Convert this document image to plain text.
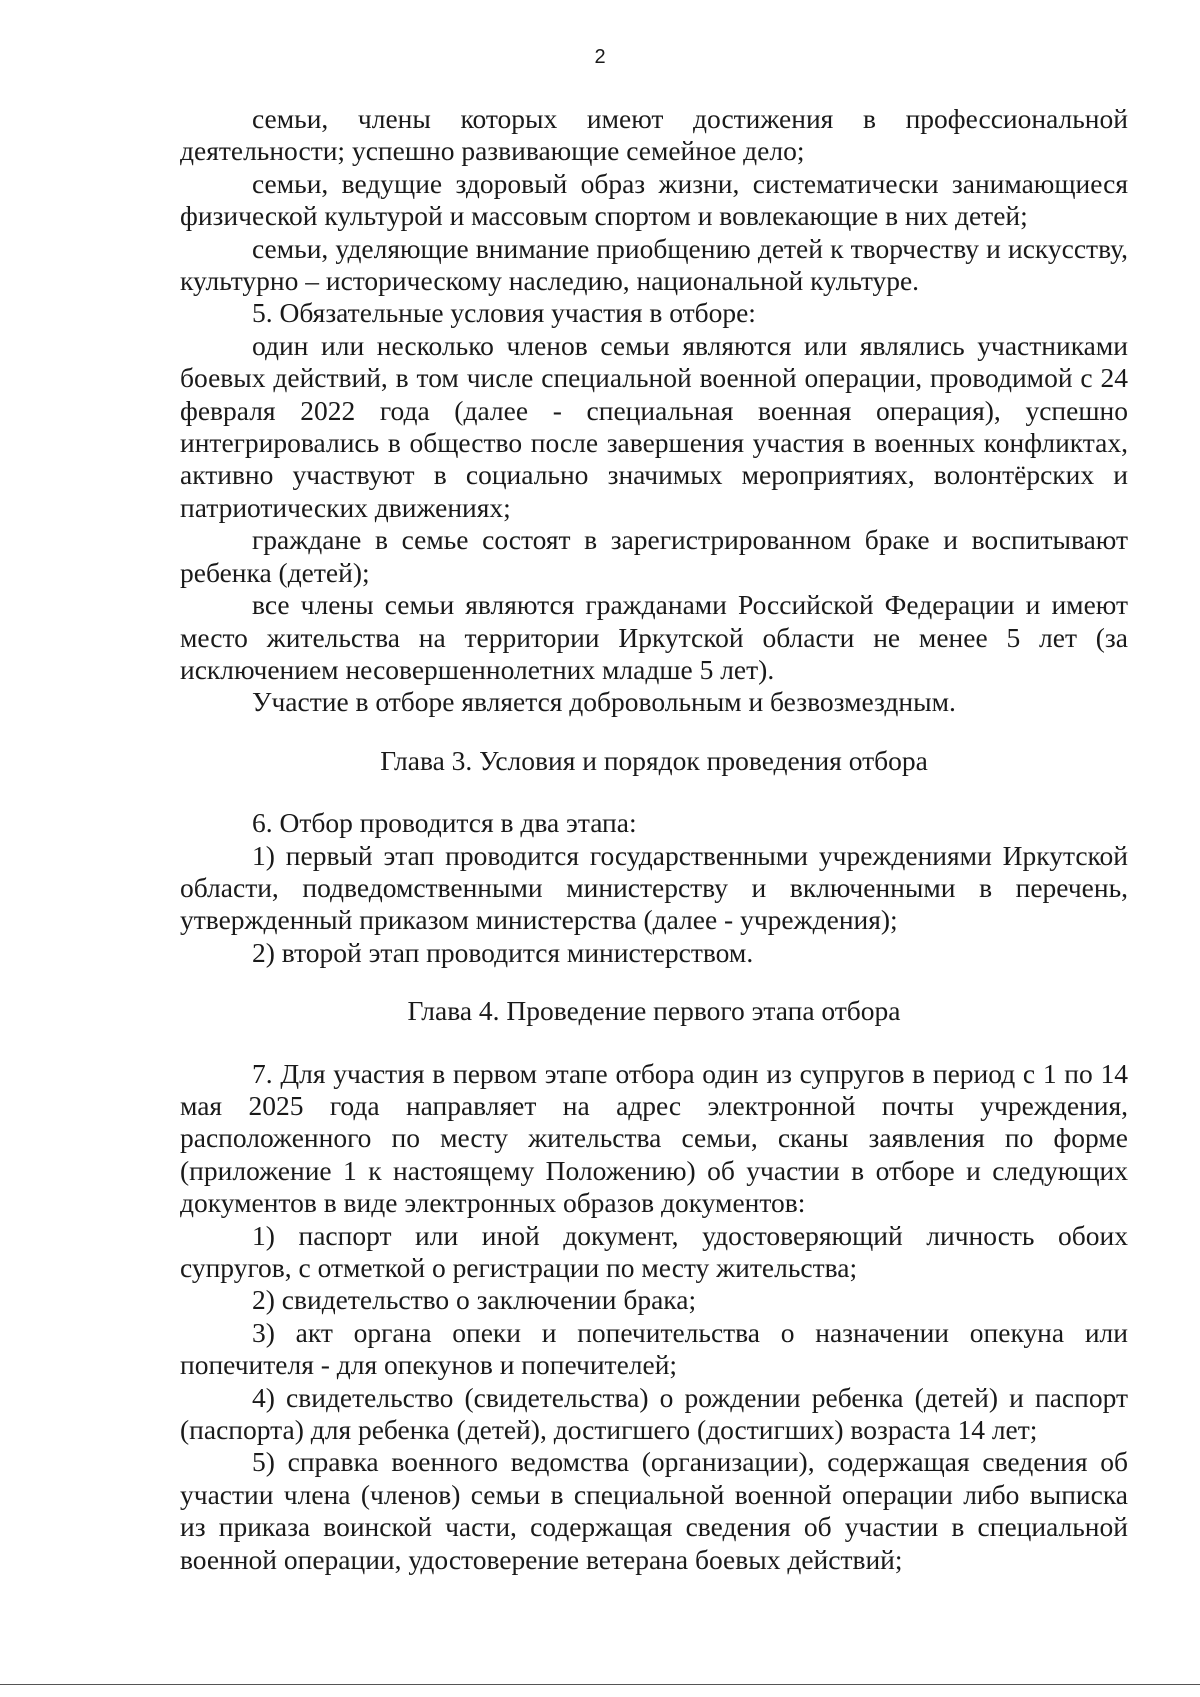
2

семьи, члены которых имеют достижения в профессиональной деятельности; успешно развивающие семейное дело;

семьи, ведущие здоровый образ жизни, систематически занимающиеся физической культурой и массовым спортом и вовлекающие в них детей;

семьи, уделяющие внимание приобщению детей к творчеству и искусству, культурно – историческому наследию, национальной культуре.

5. Обязательные условия участия в отборе:

один или несколько членов семьи являются или являлись участниками боевых действий, в том числе специальной военной операции, проводимой с 24 февраля 2022 года (далее - специальная военная операция), успешно интегрировались в общество после завершения участия в военных конфликтах, активно участвуют в социально значимых мероприятиях, волонтёрских и патриотических движениях;

граждане в семье состоят в зарегистрированном браке и воспитывают ребенка (детей);

все члены семьи являются гражданами Российской Федерации и имеют место жительства на территории Иркутской области не менее 5 лет (за исключением несовершеннолетних младше 5 лет).

Участие в отборе является добровольным и безвозмездным.

Глава 3. Условия и порядок проведения отбора

6. Отбор проводится в два этапа:

1) первый этап проводится государственными учреждениями Иркутской области, подведомственными министерству и включенными в перечень, утвержденный приказом министерства (далее - учреждения);

2) второй этап проводится министерством.

Глава 4. Проведение первого этапа отбора

7. Для участия в первом этапе отбора один из супругов в период с 1 по 14 мая 2025 года направляет на адрес электронной почты учреждения, расположенного по месту жительства семьи, сканы заявления по форме (приложение 1 к настоящему Положению) об участии в отборе и следующих документов в виде электронных образов документов:

1) паспорт или иной документ, удостоверяющий личность обоих супругов, с отметкой о регистрации по месту жительства;

2) свидетельство о заключении брака;

3) акт органа опеки и попечительства о назначении опекуна или попечителя - для опекунов и попечителей;

4) свидетельство (свидетельства) о рождении ребенка (детей) и паспорт (паспорта) для ребенка (детей), достигшего (достигших) возраста 14 лет;

5) справка военного ведомства (организации), содержащая сведения об участии члена (членов) семьи в специальной военной операции либо выписка из приказа воинской части, содержащая сведения об участии в специальной военной операции, удостоверение ветерана боевых действий;
